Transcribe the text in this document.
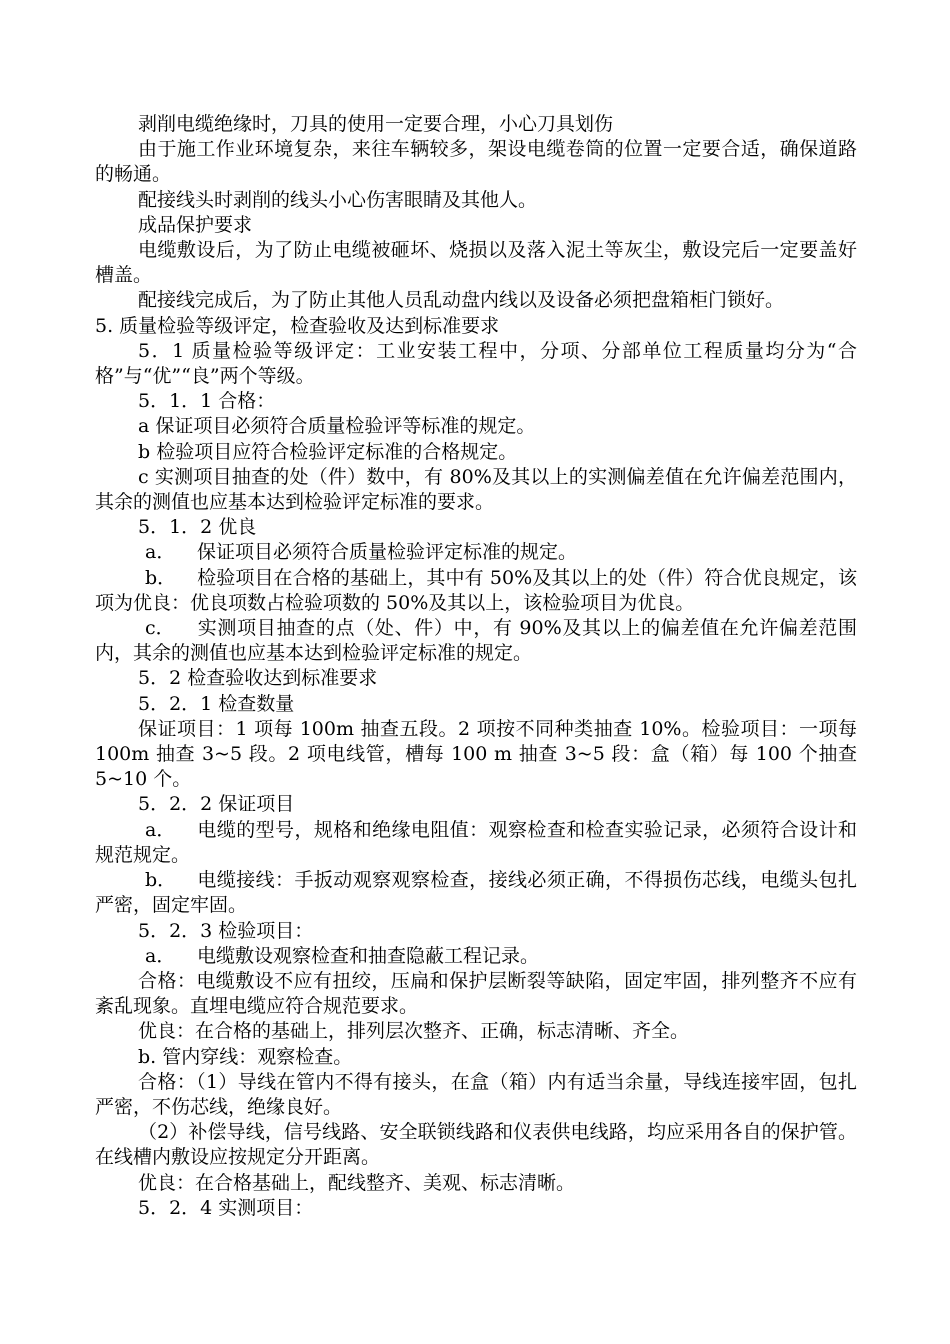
剥削电缆绝缘时，刀具的使用一定要合理，小心刀具划伤
由于施工作业环境复杂，来往车辆较多，架设电缆卷筒的位置一定要合适，确保道路的畅通。
配接线头时剥削的线头小心伤害眼睛及其他人。
成品保护要求
电缆敷设后，为了防止电缆被砸坏、烧损以及落入泥土等灰尘，敷设完后一定要盖好槽盖。
配接线完成后，为了防止其他人员乱动盘内线以及设备必须把盘箱柜门锁好。
5. 质量检验等级评定，检查验收及达到标准要求
5．1 质量检验等级评定：工业安装工程中，分项、分部单位工程质量均分为“合格”与“优”“良”两个等级。
5．1．1 合格：
a 保证项目必须符合质量检验评等标准的规定。
b 检验项目应符合检验评定标准的合格规定。
c 实测项目抽查的处（件）数中，有 80%及其以上的实测偏差值在允许偏差范围内，其余的测值也应基本达到检验评定标准的要求。
5．1．2 优良
a． 保证项目必须符合质量检验评定标准的规定。
b． 检验项目在合格的基础上，其中有 50%及其以上的处（件）符合优良规定，该项为优良：优良项数占检验项数的 50%及其以上，该检验项目为优良。
c． 实测项目抽查的点（处、件）中，有 90%及其以上的偏差值在允许偏差范围内，其余的测值也应基本达到检验评定标准的规定。
5．2 检查验收达到标准要求
5．2．1 检查数量
保证项目：1 项每 100m 抽查五段。2 项按不同种类抽查 10%。检验项目：一项每 100m 抽查 3~5 段。2 项电线管，槽每 100 m 抽查 3~5 段：盒（箱）每 100 个抽查 5~10 个。
5．2．2 保证项目
a． 电缆的型号，规格和绝缘电阻值：观察检查和检查实验记录，必须符合设计和规范规定。
b． 电缆接线：手扳动观察观察检查，接线必须正确，不得损伤芯线，电缆头包扎严密，固定牢固。
5．2．3 检验项目：
a． 电缆敷设观察检查和抽查隐蔽工程记录。
合格：电缆敷设不应有扭绞，压扁和保护层断裂等缺陷，固定牢固，排列整齐不应有紊乱现象。直埋电缆应符合规范要求。
优良：在合格的基础上，排列层次整齐、正确，标志清晰、齐全。
b. 管内穿线：观察检查。
合格：（1）导线在管内不得有接头，在盒（箱）内有适当余量，导线连接牢固，包扎严密，不伤芯线，绝缘良好。
（2）补偿导线，信号线路、安全联锁线路和仪表供电线路，均应采用各自的保护管。在线槽内敷设应按规定分开距离。
优良：在合格基础上，配线整齐、美观、标志清晰。
5．2．4 实测项目：
